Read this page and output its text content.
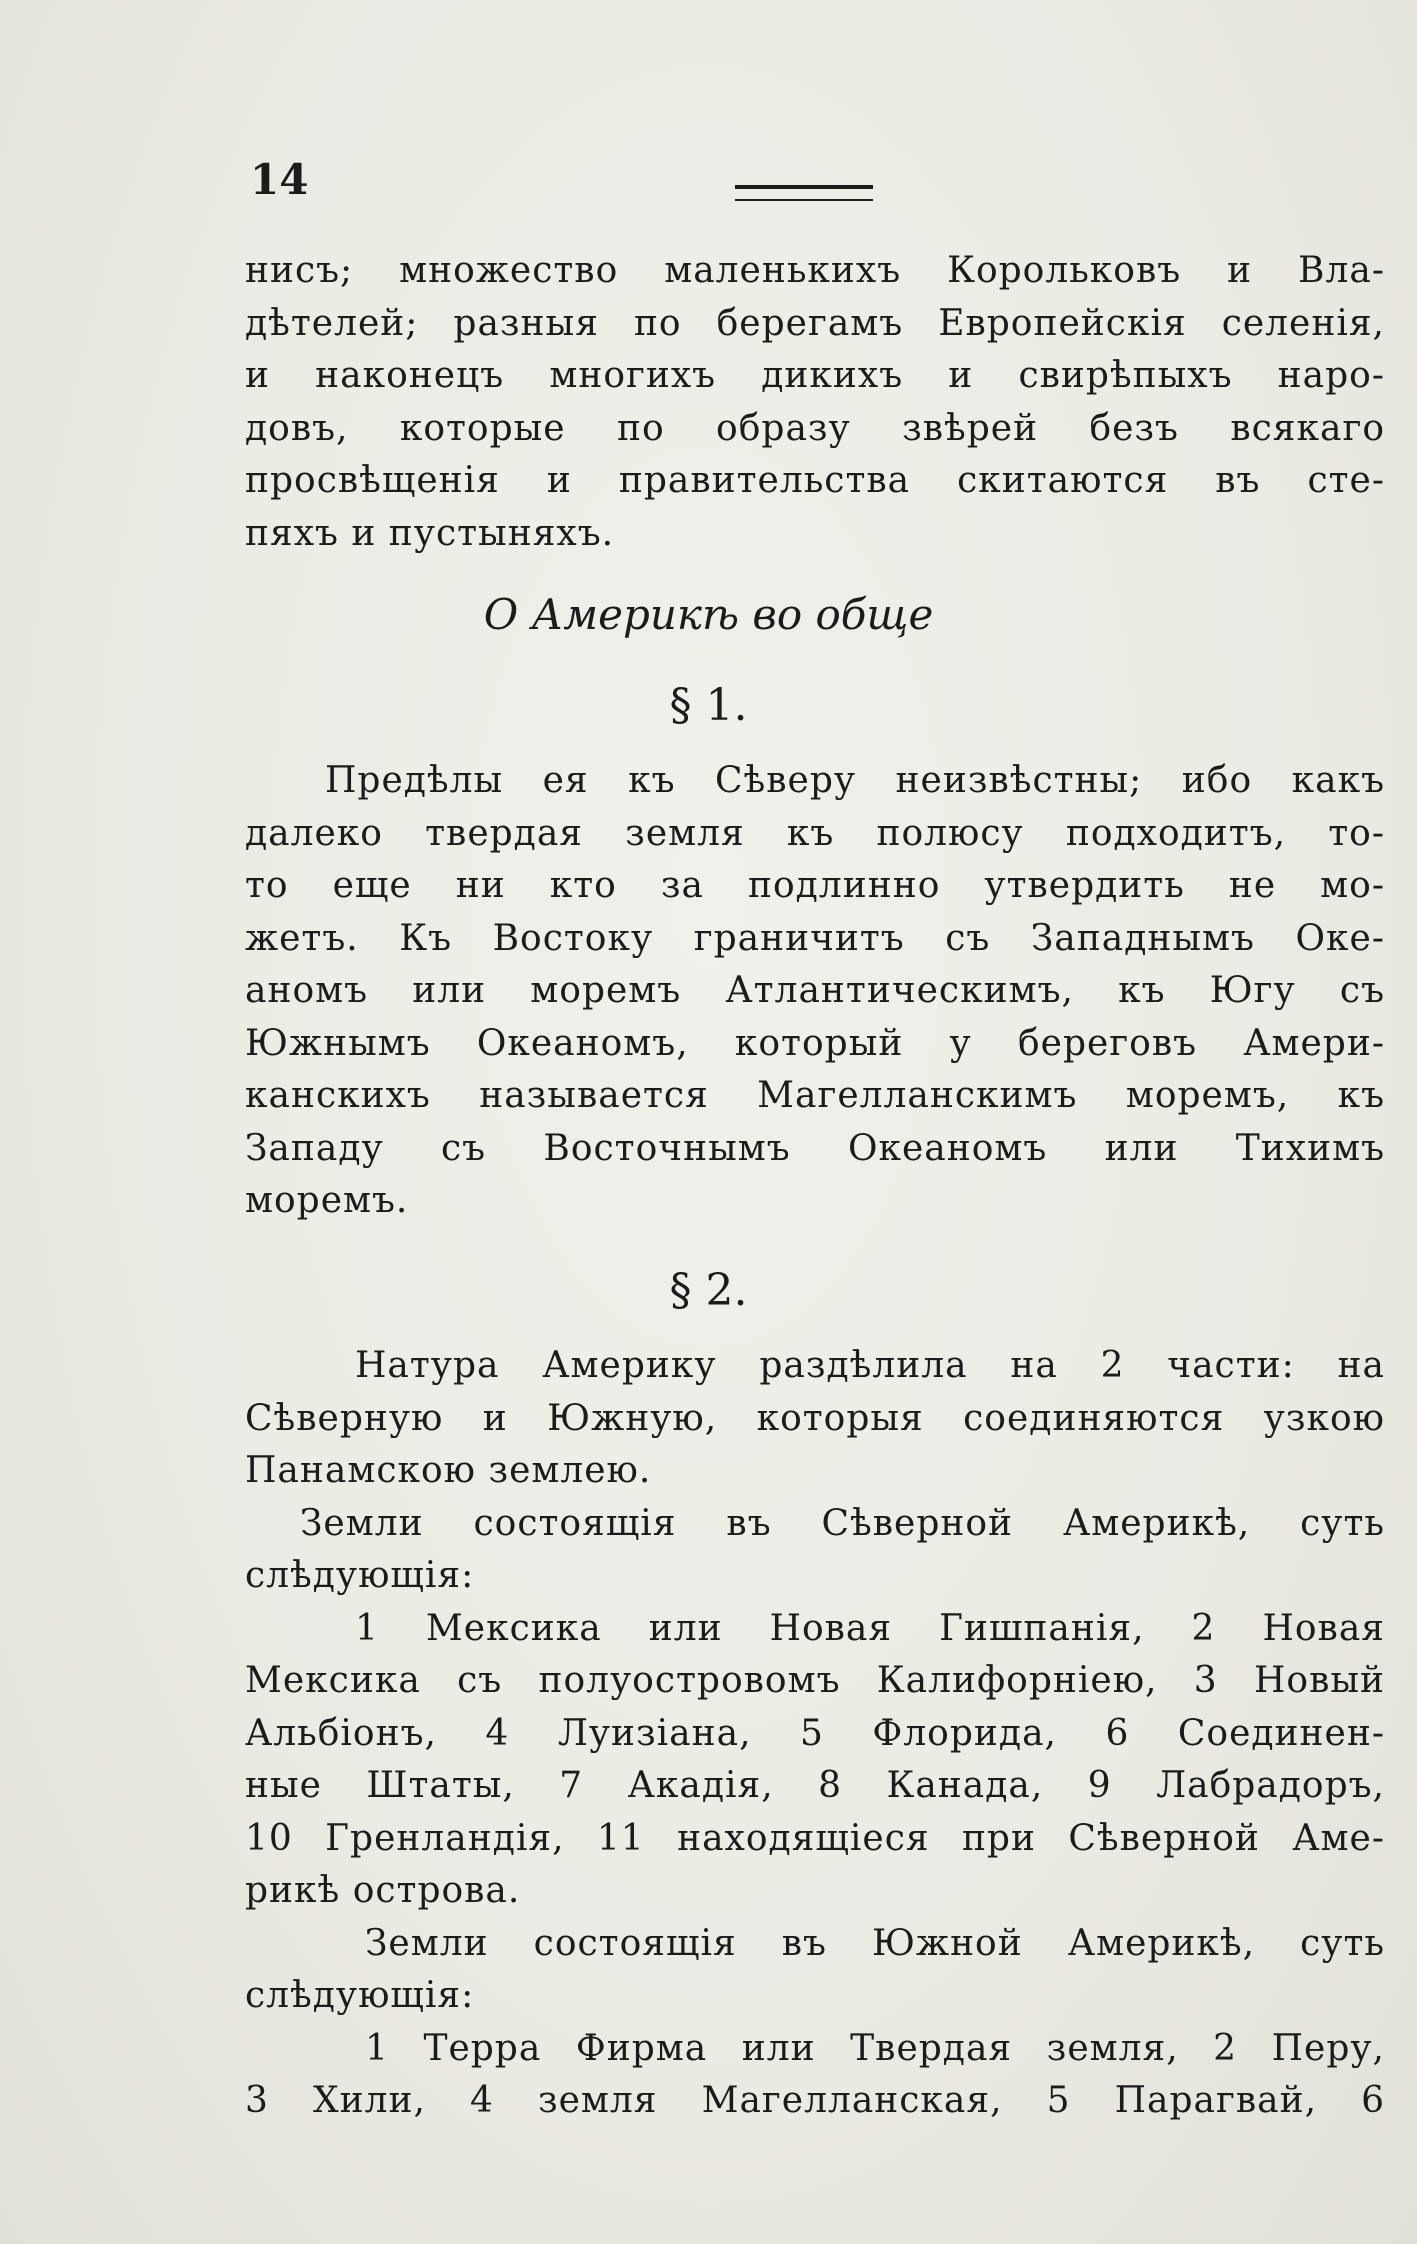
14
нисъ; множество маленькихъ Корольковъ и Вла-
дѣтелей; разныя по берегамъ Европейскія селенія,
и наконецъ многихъ дикихъ и свирѣпыхъ наро-
довъ, которые по образу звѣрей безъ всякаго
просвѣщенія и правительства скитаются въ сте-
пяхъ и пустыняхъ.
О Америкѣ во обще
§ 1.
Предѣлы ея къ Сѣверу неизвѣстны; ибо какъ
далеко твердая земля къ полюсу подходитъ, то-
то еще ни кто за подлинно утвердить не мо-
жетъ. Къ Востоку граничитъ съ Западнымъ Оке-
аномъ или моремъ Атлантическимъ, къ Югу съ
Южнымъ Океаномъ, который у береговъ Амери-
канскихъ называется Магелланскимъ моремъ, къ
Западу съ Восточнымъ Океаномъ или Тихимъ
моремъ.
§ 2.
Натура Америку раздѣлила на 2 части: на
Сѣверную и Южную, которыя соединяются узкою
Панамскою землею.
Земли состоящія въ Сѣверной Америкѣ, суть
слѣдующія:
1 Мексика или Новая Гишпанія, 2 Новая
Мексика съ полуостровомъ Калифорніею, 3 Новый
Альбіонъ, 4 Луизіана, 5 Флорида, 6 Соединен-
ные Штаты, 7 Акадія, 8 Канада, 9 Лабрадоръ,
10 Гренландія, 11 находящіеся при Сѣверной Аме-
рикѣ острова.
Земли состоящія въ Южной Америкѣ, суть
слѣдующія:
1 Терра Фирма или Твердая земля, 2 Перу,
3 Хили, 4 земля Магелланская, 5 Парагвай, 6
